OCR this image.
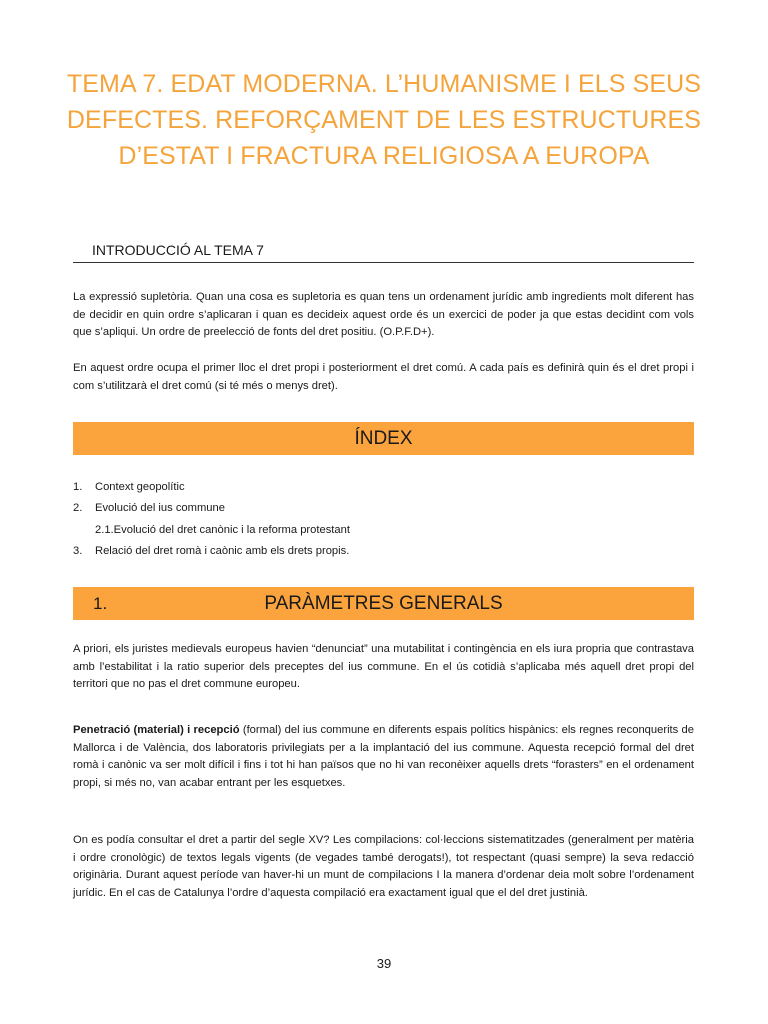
TEMA 7. EDAT MODERNA. L’HUMANISME I ELS SEUS DEFECTES. REFORÇAMENT DE LES ESTRUCTURES D’ESTAT I FRACTURA RELIGIOSA A EUROPA
INTRODUCCIÓ AL TEMA 7

La expressió supletòria. Quan una cosa es supletoria es quan tens un ordenament jurídic amb ingredients molt diferent has de decidir en quin ordre s’aplicaran i quan es decideix aquest orde és un exercici de poder ja que estas decidint com vols que s’apliqui. Un ordre de preelecció de fonts del dret positiu. (O.P.F.D+).

En aquest ordre ocupa el primer lloc el dret propi i posteriorment el dret comú. A cada país es definirà quin és el dret propi i com s’utilitzarà el dret comú (si té més o menys dret).

ÍNDEX
1. Context geopolític
2. Evolució del ius commune
2.1.Evolució del dret canònic i la reforma protestant
3. Relació del dret romà i caònic amb els drets propis.
1.	PARÀMETRES GENERALS

A priori, els juristes medievals europeus havien “denunciat” una mutabilitat i contingència en els iura propria que contrastava amb l’estabilitat i la ratio superior dels preceptes del ius commune. En el ús cotidià s’aplicaba més aquell dret propi del territori que no pas el dret commune europeu.

Penetració (material) i recepció (formal) del ius commune en diferents espais polítics hispànics: els regnes reconquerits de Mallorca i de València, dos laboratoris privilegiats per a la implantació del ius commune. Aquesta recepció formal del dret romà i canònic va ser molt difícil i fins i tot hi han països que no hi van reconèixer aquells drets “forasters” en el ordenament propi, si més no, van acabar entrant per les esquetxes.

On es podía consultar el dret a partir del segle XV? Les compilacions: col·leccions sistematitzades (generalment per matèria i ordre cronològic) de textos legals vigents (de vegades també derogats!), tot respectant (quasi sempre) la seva redacció originària. Durant aquest període van haver-hi un munt de compilacions I la manera d’ordenar deia molt sobre l’ordenament jurídic. En el cas de Catalunya l’ordre d’aquesta compilació era exactament igual que el del dret justinià.

39
